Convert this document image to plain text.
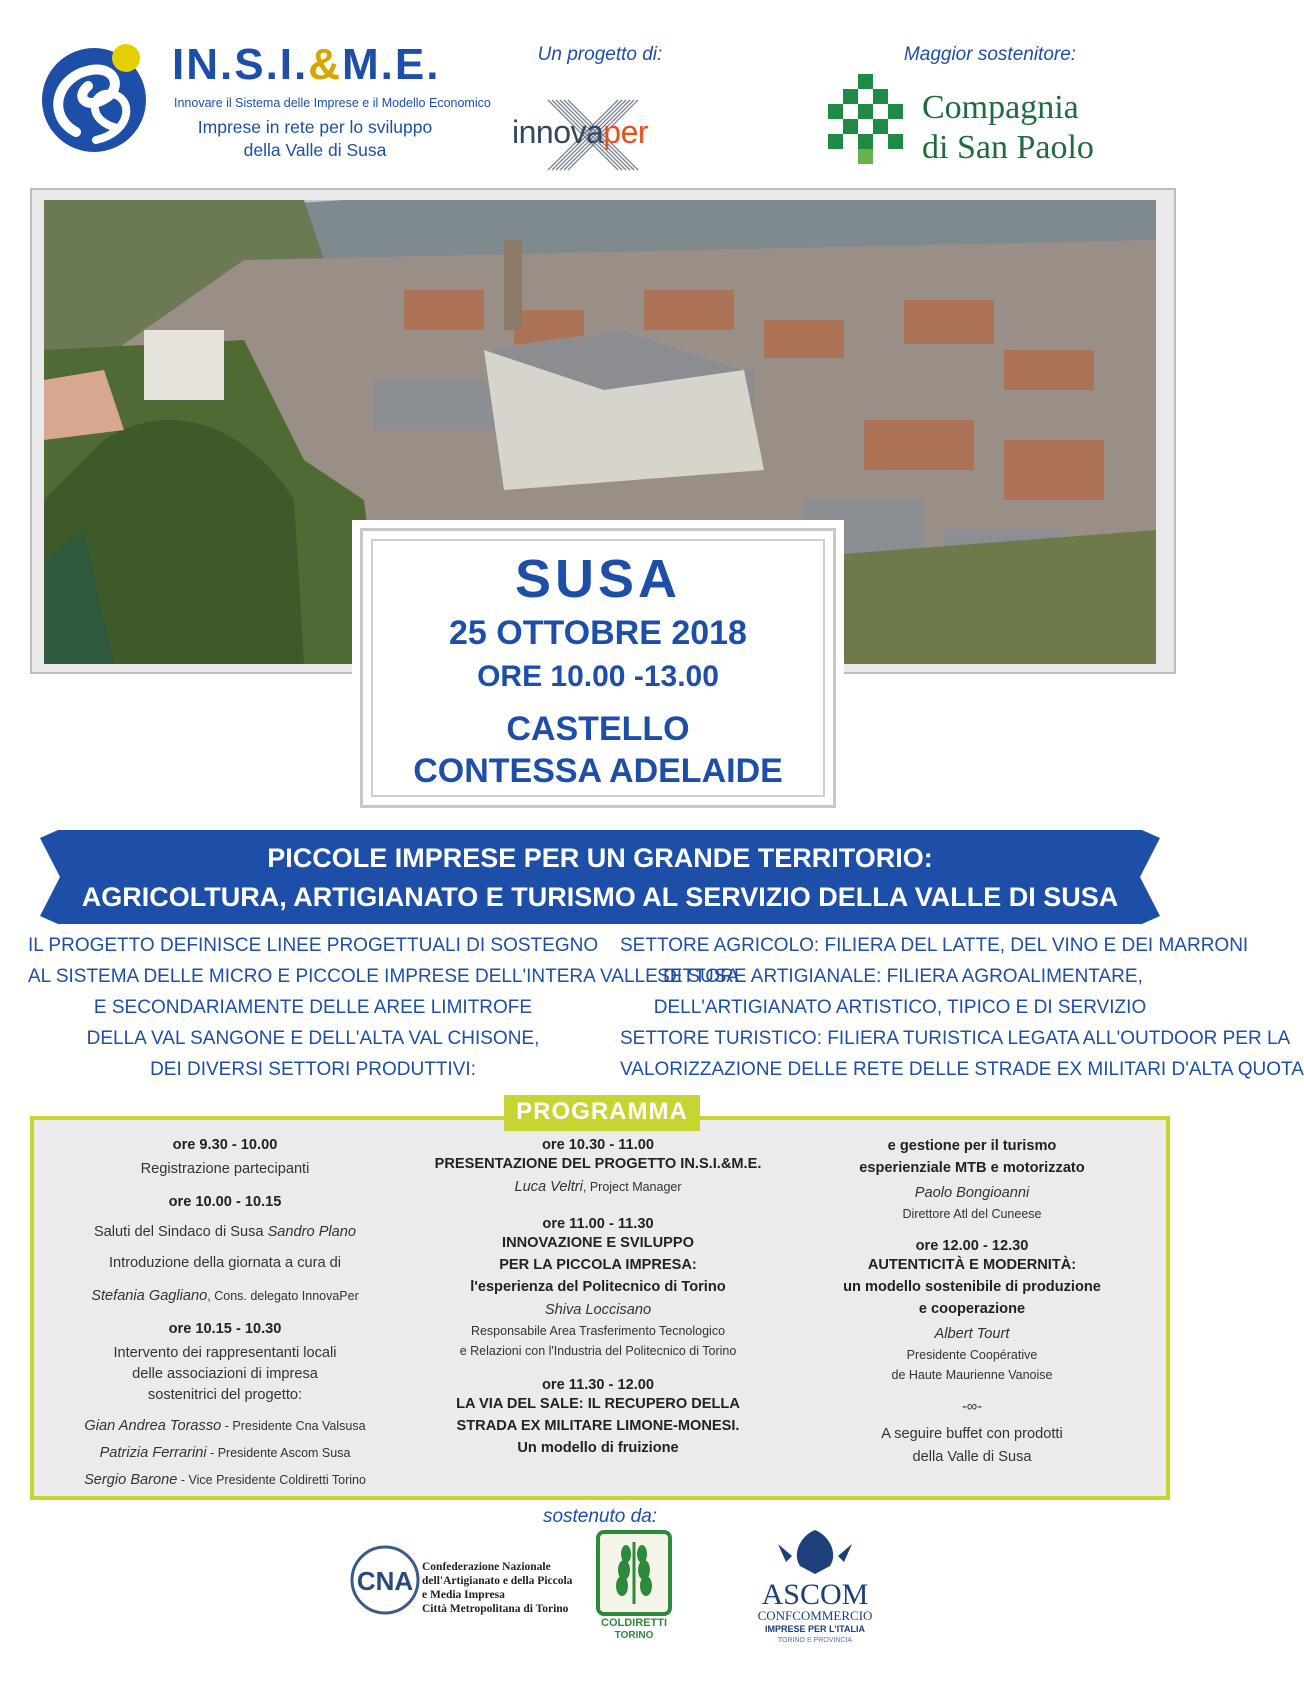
IN.S.I.&M.E.
Innovare il Sistema delle Imprese e il Modello Economico
Imprese in rete per lo sviluppo
della Valle di Susa
Un progetto di:
innovaper
Maggior sostenitore:
Compagnia
di San Paolo
SUSA
25 OTTOBRE 2018
ORE 10.00 -13.00
CASTELLO
CONTESSA ADELAIDE
PICCOLE IMPRESE PER UN GRANDE TERRITORIO:
AGRICOLTURA, ARTIGIANATO E TURISMO AL SERVIZIO DELLA VALLE DI SUSA
IL PROGETTO DEFINISCE LINEE PROGETTUALI DI SOSTEGNO
AL SISTEMA DELLE MICRO E PICCOLE IMPRESE DELL'INTERA VALLE DI SUSA
E SECONDARIAMENTE DELLE AREE LIMITROFE
DELLA VAL SANGONE E DELL'ALTA VAL CHISONE,
DEI DIVERSI SETTORI PRODUTTIVI:
SETTORE AGRICOLO: FILIERA DEL LATTE, DEL VINO E DEI MARRONI
SETTORE ARTIGIANALE: FILIERA AGROALIMENTARE,
DELL'ARTIGIANATO ARTISTICO, TIPICO E DI SERVIZIO
SETTORE TURISTICO: FILIERA TURISTICA LEGATA ALL'OUTDOOR PER LA
VALORIZZAZIONE DELLE RETE DELLE STRADE EX MILITARI D'ALTA QUOTA
PROGRAMMA
ore 9.30 - 10.00
Registrazione partecipanti
ore 10.00 - 10.15
Saluti del Sindaco di Susa Sandro Plano
Introduzione della giornata a cura di
Stefania Gagliano, Cons. delegato InnovaPer
ore 10.15 - 10.30
Intervento dei rappresentanti locali
delle associazioni di impresa
sostenitrici del progetto:
Gian Andrea Torasso - Presidente Cna Valsusa
Patrizia Ferrarini - Presidente Ascom Susa
Sergio Barone - Vice Presidente Coldiretti Torino
ore 10.30 - 11.00
PRESENTAZIONE DEL PROGETTO IN.S.I.&M.E.
Luca Veltri, Project Manager
ore 11.00 - 11.30
INNOVAZIONE E SVILUPPO
PER LA PICCOLA IMPRESA:
l'esperienza del Politecnico di Torino
Shiva Loccisano
Responsabile Area Trasferimento Tecnologico
e Relazioni con l'Industria del Politecnico di Torino
ore 11.30 - 12.00
LA VIA DEL SALE: IL RECUPERO DELLA
STRADA EX MILITARE LIMONE-MONESI.
Un modello di fruizione
e gestione per il turismo
esperienziale MTB e motorizzato
Paolo Bongioanni
Direttore Atl del Cuneese
ore 12.00 - 12.30
AUTENTICITÀ E MODERNITÀ:
un modello sostenibile di produzione
e cooperazione
Albert Tourt
Presidente Coopérative
de Haute Maurienne Vanoise
-∞-
A seguire buffet con prodotti
della Valle di Susa
sostenuto da:
CNA Confederazione Nazionale
dell'Artigianato e della Piccola
e Media Impresa
Città Metropolitana di Torino
COLDIRETTI
TORINO
ASCOM
CONFCOMMERCIO
IMPRESE PER L'ITALIA
TORINO E PROVINCIA
